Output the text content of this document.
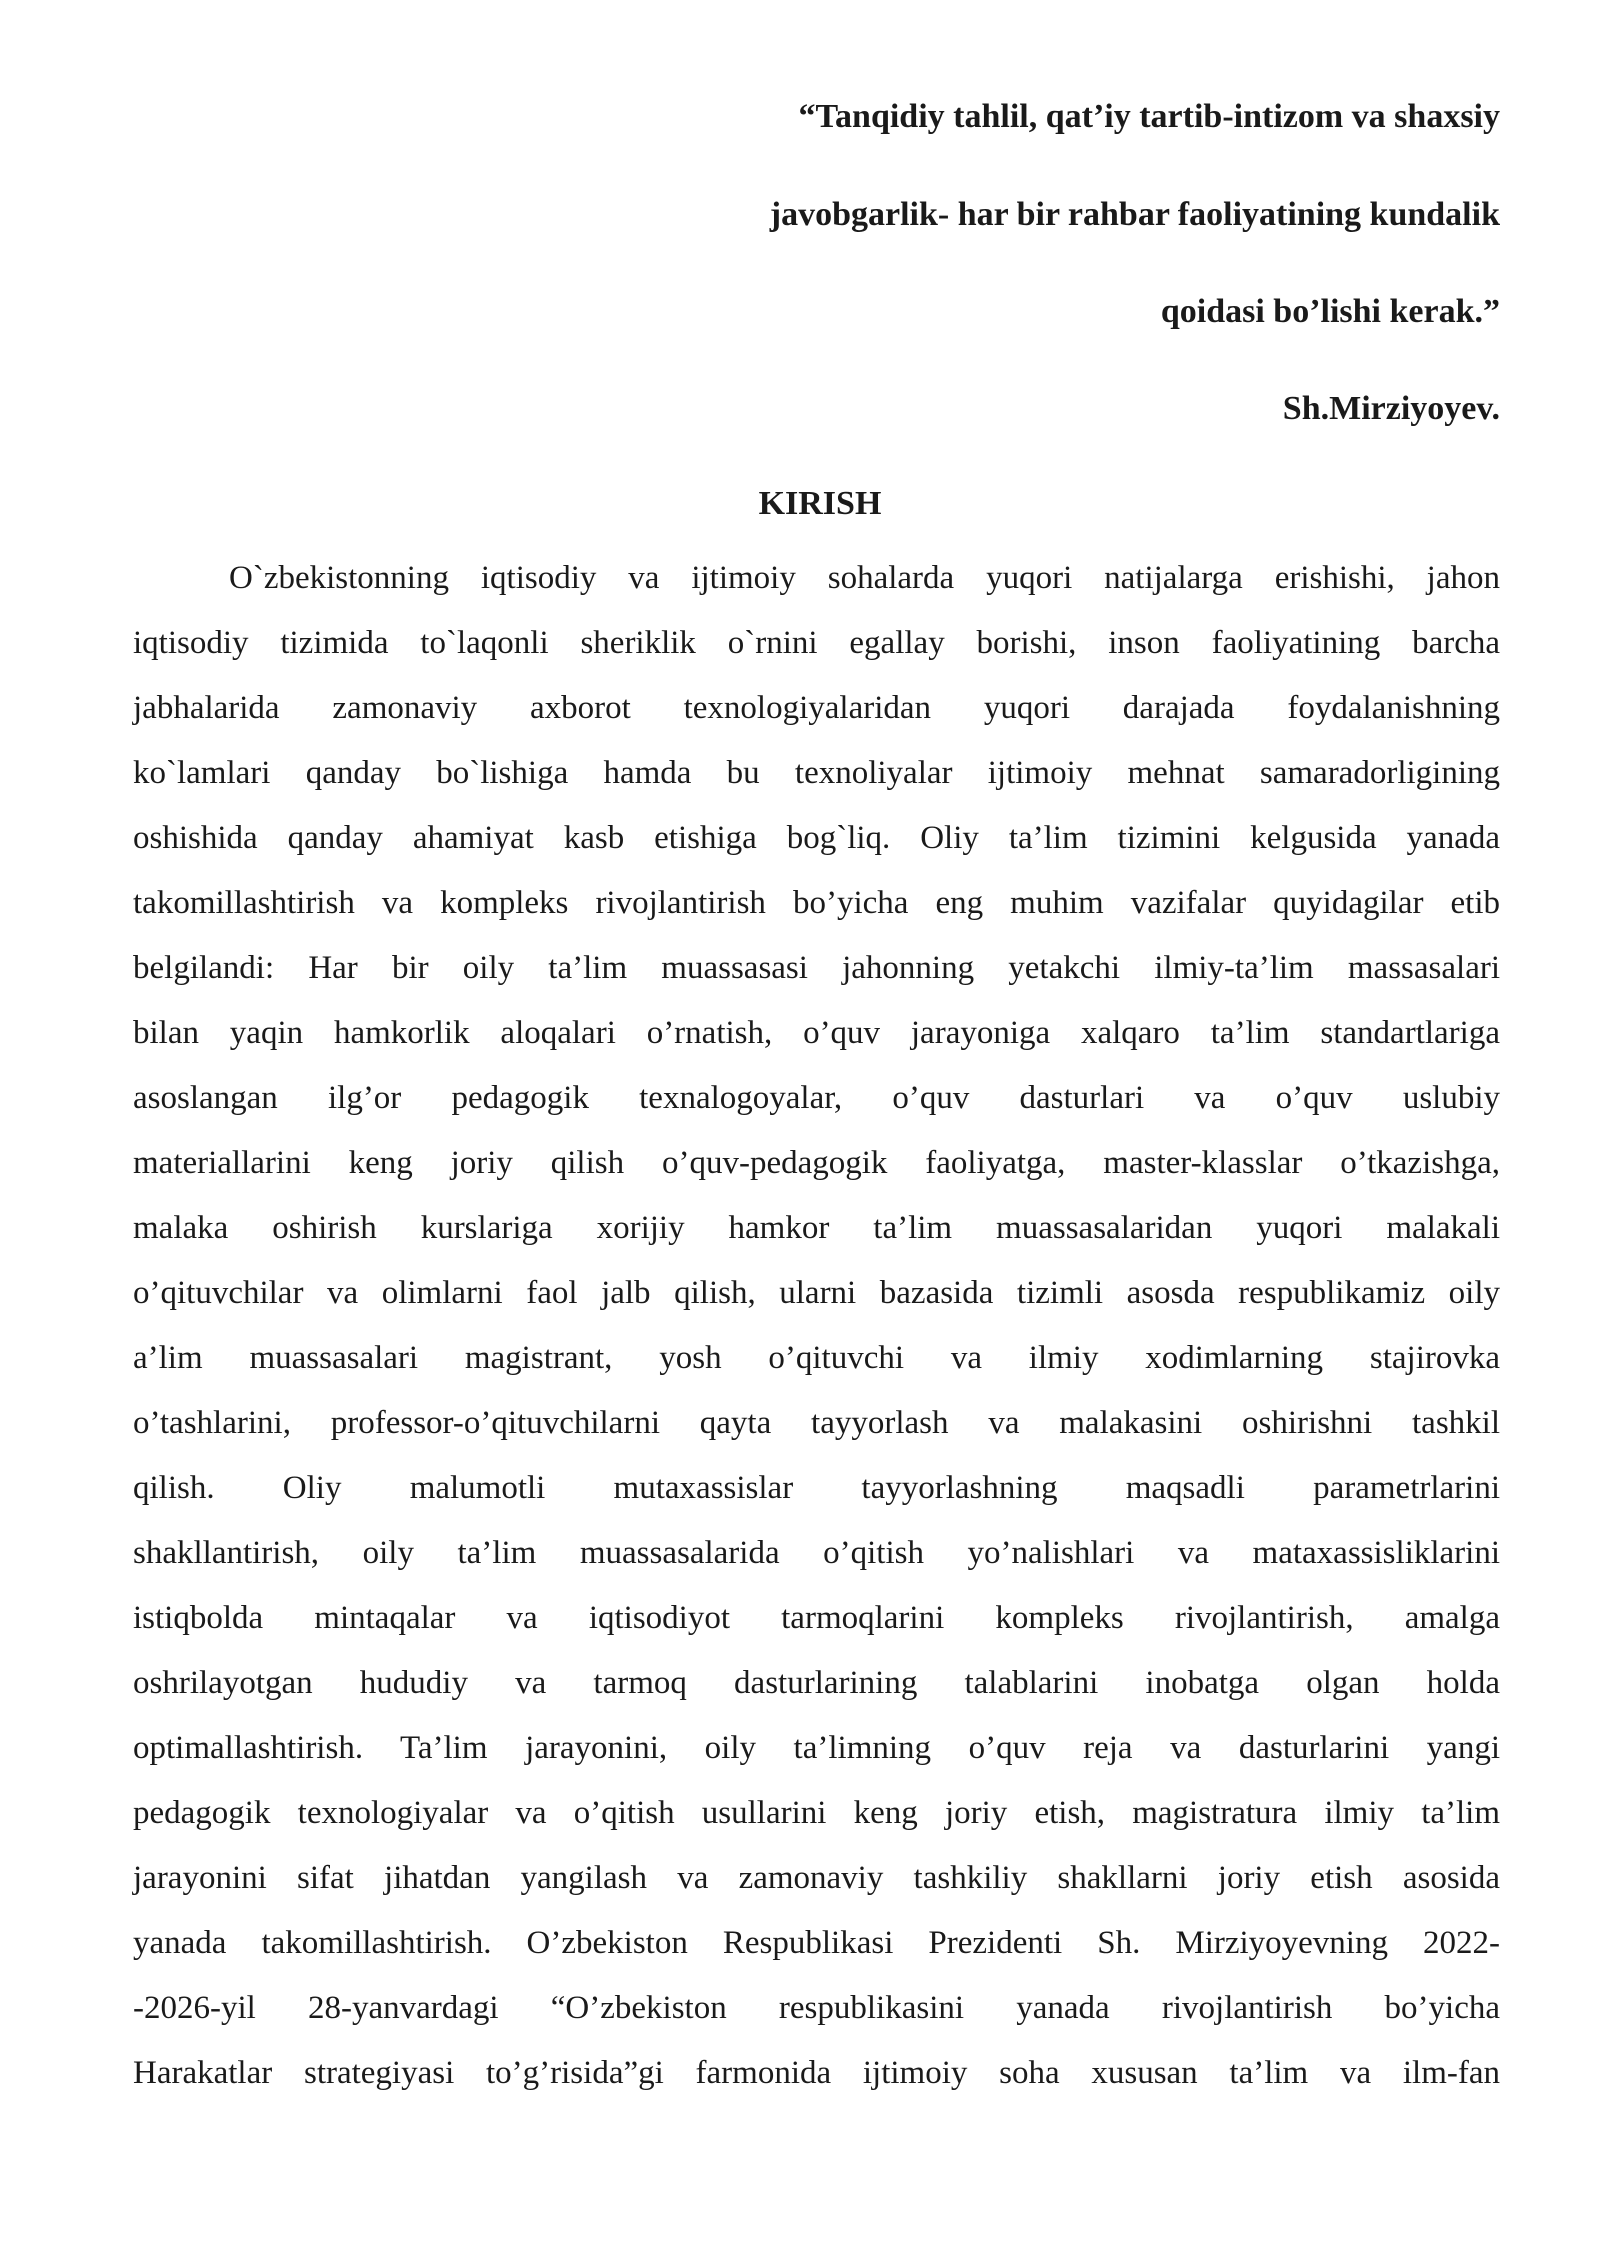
“Tanqidiy tahlil, qat’iy tartib-intizom va shaxsiy
javobgarlik- har bir rahbar faoliyatining kundalik
qoidasi bo’lishi kerak.”
Sh.Mirziyoyev.
KIRISH
O`zbekistonning iqtisodiy va ijtimoiy sohalarda yuqori natijalarga erishishi, jahon
iqtisodiy tizimida to`laqonli sheriklik o`rnini egallay borishi, inson faoliyatining barcha
jabhalarida zamonaviy axborot texnologiyalaridan yuqori darajada foydalanishning
ko`lamlari qanday bo`lishiga hamda bu texnoliyalar ijtimoiy mehnat samaradorligining
oshishida qanday ahamiyat kasb etishiga bog`liq. Oliy ta’lim tizimini kelgusida yanada
takomillashtirish va kompleks rivojlantirish bo’yicha eng muhim vazifalar quyidagilar etib
belgilandi: Har bir oily ta’lim muassasasi jahonning yetakchi ilmiy-ta’lim massasalari
bilan yaqin hamkorlik aloqalari o’rnatish, o’quv jarayoniga xalqaro ta’lim standartlariga
asoslangan ilg’or pedagogik texnalogoyalar, o’quv dasturlari va o’quv uslubiy
materiallarini keng joriy qilish o’quv-pedagogik faoliyatga, master-klasslar o’tkazishga,
malaka oshirish kurslariga xorijiy hamkor ta’lim muassasalaridan yuqori malakali
o’qituvchilar va olimlarni faol jalb qilish, ularni bazasida tizimli asosda respublikamiz oily
a’lim muassasalari magistrant, yosh o’qituvchi va ilmiy xodimlarning stajirovka
o’tashlarini, professor-o’qituvchilarni qayta tayyorlash va malakasini oshirishni tashkil
qilish. Oliy malumotli mutaxassislar tayyorlashning maqsadli parametrlarini
shakllantirish, oily ta’lim muassasalarida o’qitish yo’nalishlari va mataxassisliklarini
istiqbolda mintaqalar va iqtisodiyot tarmoqlarini kompleks rivojlantirish, amalga
oshrilayotgan hududiy va tarmoq dasturlarining talablarini inobatga olgan holda
optimallashtirish. Ta’lim jarayonini, oily ta’limning o’quv reja va dasturlarini yangi
pedagogik texnologiyalar va o’qitish usullarini keng joriy etish, magistratura ilmiy ta’lim
jarayonini sifat jihatdan yangilash va zamonaviy tashkiliy shakllarni joriy etish asosida
yanada takomillashtirish. O’zbekiston Respublikasi Prezidenti Sh. Mirziyoyevning 2022-
-2026-yil 28-yanvardagi “O’zbekiston respublikasini yanada rivojlantirish bo’yicha
Harakatlar strategiyasi to’g’risida”gi farmonida ijtimoiy soha xususan ta’lim va ilm-fan
